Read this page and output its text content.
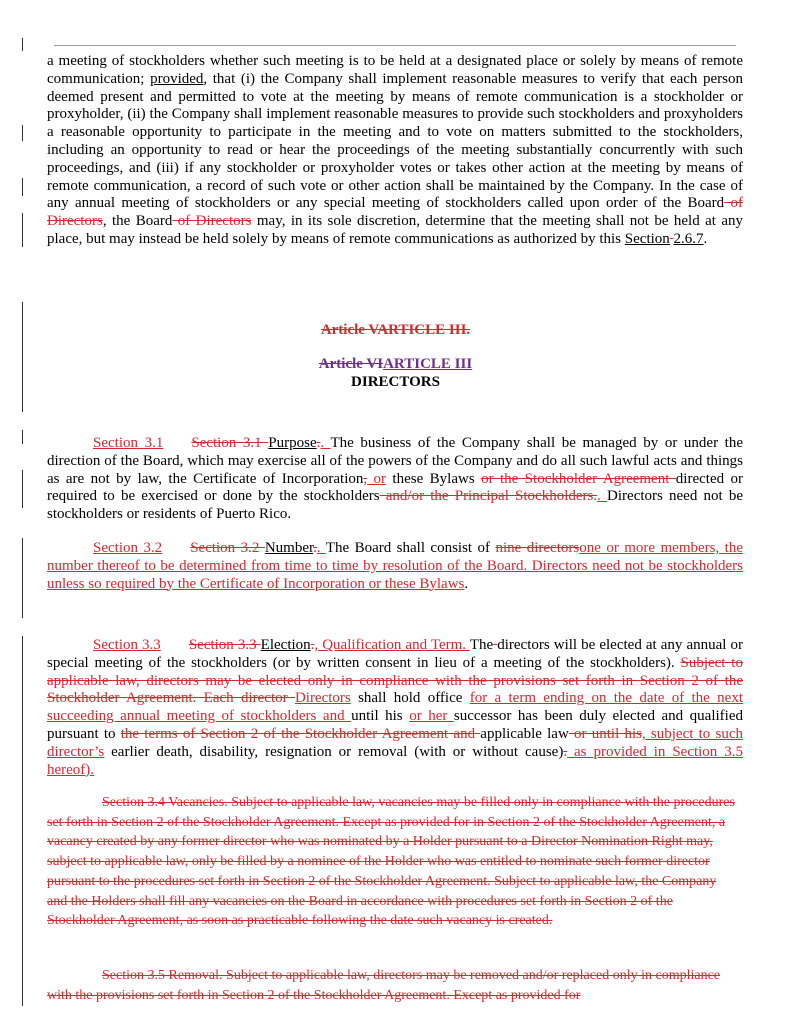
a meeting of stockholders whether such meeting is to be held at a designated place or solely by means of remote communication; provided, that (i) the Company shall implement reasonable measures to verify that each person deemed present and permitted to vote at the meeting by means of remote communication is a stockholder or proxyholder, (ii) the Company shall implement reasonable measures to provide such stockholders and proxyholders a reasonable opportunity to participate in the meeting and to vote on matters submitted to the stockholders, including an opportunity to read or hear the proceedings of the meeting substantially concurrently with such proceedings, and (iii) if any stockholder or proxyholder votes or takes other action at the meeting by means of remote communication, a record of such vote or other action shall be maintained by the Company. In the case of any annual meeting of stockholders or any special meeting of stockholders called upon order of the Board of Directors, the Board of Directors may, in its sole discretion, determine that the meeting shall not be held at any place, but may instead be held solely by means of remote communications as authorized by this Section 2.6.7.

Article VARTICLE III.

Article VIARTICLE III

DIRECTORS

Section 3.1 Section 3.1 Purpose.. The business of the Company shall be managed by or under the direction of the Board, which may exercise all of the powers of the Company and do all such lawful acts and things as are not by law, the Certificate of Incorporation, or these Bylaws or the Stockholder Agreement directed or required to be exercised or done by the stockholders and/or the Principal Stockholders.. Directors need not be stockholders or residents of Puerto Rico.

Section 3.2 Section 3.2 Number.. The Board shall consist of nine directorsone or more members, the number thereof to be determined from time to time by resolution of the Board. Directors need not be stockholders unless so required by the Certificate of Incorporation or these Bylaws.

Section 3.3 Section 3.3 Election., Qualification and Term. The directors will be elected at any annual or special meeting of the stockholders (or by written consent in lieu of a meeting of the stockholders). Subject to applicable law, directors may be elected only in compliance with the provisions set forth in Section 2 of the Stockholder Agreement. Each director Directors shall hold office for a term ending on the date of the next succeeding annual meeting of stockholders and until his or her successor has been duly elected and qualified pursuant to the terms of Section 2 of the Stockholder Agreement and applicable law or until his, subject to such director’s earlier death, disability, resignation or removal (with or without cause). as provided in Section 3.5 hereof).

Section 3.4 Vacancies. Subject to applicable law, vacancies may be filled only in compliance with the procedures set forth in Section 2 of the Stockholder Agreement. Except as provided for in Section 2 of the Stockholder Agreement, a vacancy created by any former director who was nominated by a Holder pursuant to a Director Nomination Right may, subject to applicable law, only be filled by a nominee of the Holder who was entitled to nominate such former director pursuant to the procedures set forth in Section 2 of the Stockholder Agreement. Subject to applicable law, the Company and the Holders shall fill any vacancies on the Board in accordance with procedures set forth in Section 2 of the Stockholder Agreement, as soon as practicable following the date such vacancy is created.

Section 3.5 Removal. Subject to applicable law, directors may be removed and/or replaced only in compliance with the provisions set forth in Section 2 of the Stockholder Agreement. Except as provided for
